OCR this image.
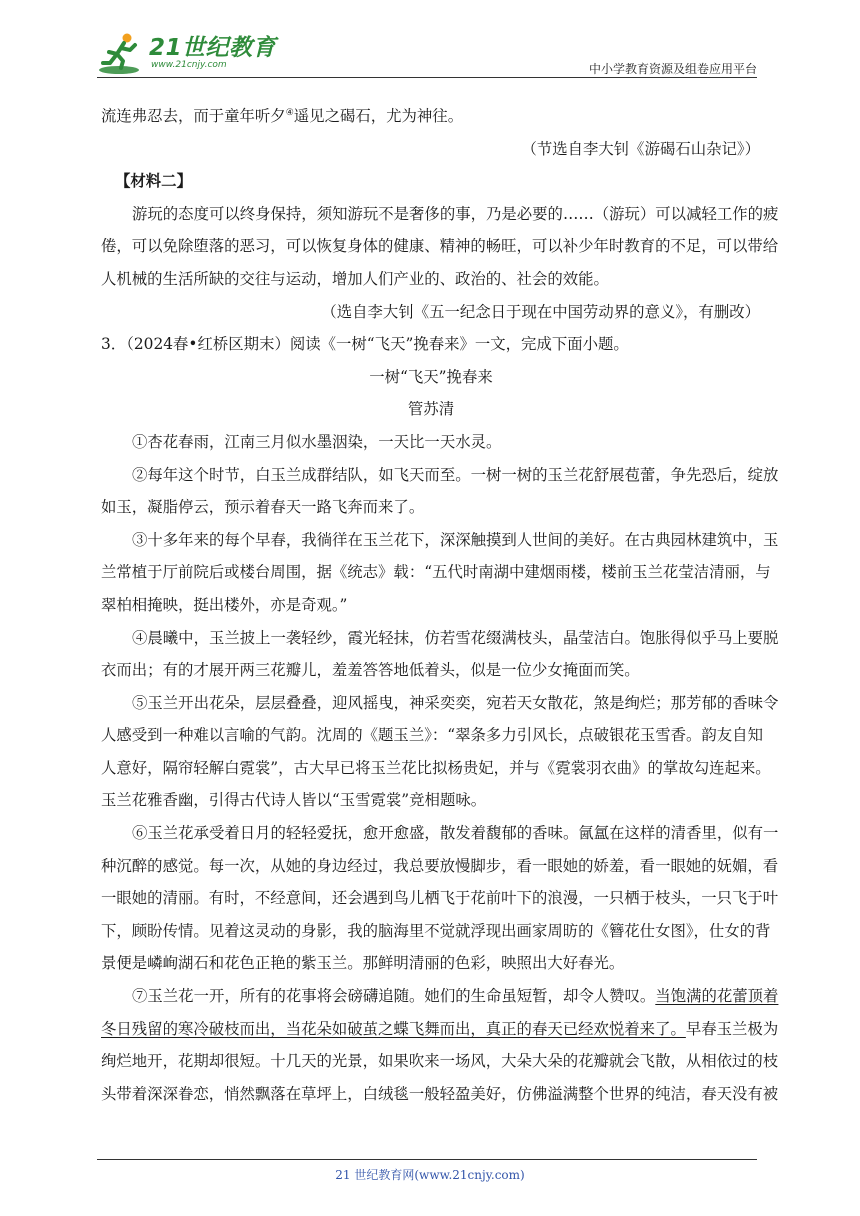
21世纪教育
www.21cnjy.com	中小学教育资源及组卷应用平台
流连弗忍去，而于童年听夕④遥见之碣石，尤为神往。
（节选自李大钊《游碣石山杂记》）
【材料二】
游玩的态度可以终身保持，须知游玩不是奢侈的事，乃是必要的……（游玩）可以减轻工作的疲
倦，可以免除堕落的恶习，可以恢复身体的健康、精神的畅旺，可以补少年时教育的不足，可以带给
人机械的生活所缺的交往与运动，增加人们产业的、政治的、社会的效能。
（选自李大钊《五一纪念日于现在中国劳动界的意义》，有删改）
3．（2024春•红桥区期末）阅读《一树“飞天”挽春来》一文，完成下面小题。
一树“飞天”挽春来
管苏清
①杏花春雨，江南三月似水墨洇染，一天比一天水灵。
②每年这个时节，白玉兰成群结队，如飞天而至。一树一树的玉兰花舒展苞蕾，争先恐后，绽放
如玉，凝脂停云，预示着春天一路飞奔而来了。
③十多年来的每个早春，我徜徉在玉兰花下，深深触摸到人世间的美好。在古典园林建筑中，玉
兰常植于厅前院后或楼台周围，据《统志》载：“五代时南湖中建烟雨楼，楼前玉兰花莹洁清丽，与
翠柏相掩映，挺出楼外，亦是奇观。”
④晨曦中，玉兰披上一袭轻纱，霞光轻抹，仿若雪花缀满枝头，晶莹洁白。饱胀得似乎马上要脱
衣而出；有的才展开两三花瓣儿，羞羞答答地低着头，似是一位少女掩面而笑。
⑤玉兰开出花朵，层层叠叠，迎风摇曳，神采奕奕，宛若天女散花，煞是绚烂；那芳郁的香味令
人感受到一种难以言喻的气韵。沈周的《题玉兰》：“翠条多力引风长，点破银花玉雪香。韵友自知
人意好，隔帘轻解白霓裳”，古大早已将玉兰花比拟杨贵妃，并与《霓裳羽衣曲》的掌故勾连起来。
玉兰花雅香幽，引得古代诗人皆以“玉雪霓裳”竞相题咏。
⑥玉兰花承受着日月的轻轻爱抚，愈开愈盛，散发着馥郁的香味。氤氲在这样的清香里，似有一
种沉醉的感觉。每一次，从她的身边经过，我总要放慢脚步，看一眼她的娇羞，看一眼她的妩媚，看
一眼她的清丽。有时，不经意间，还会遇到鸟儿栖飞于花前叶下的浪漫，一只栖于枝头，一只飞于叶
下，顾盼传情。见着这灵动的身影，我的脑海里不觉就浮现出画家周昉的《簪花仕女图》，仕女的背
景便是嶙峋湖石和花色正艳的紫玉兰。那鲜明清丽的色彩，映照出大好春光。
⑦玉兰花一开，所有的花事将会磅礴追随。她们的生命虽短暂，却令人赞叹。当饱满的花蕾顶着
冬日残留的寒冷破枝而出，当花朵如破茧之蝶飞舞而出，真正的春天已经欢悦着来了。早春玉兰极为
绚烂地开，花期却很短。十几天的光景，如果吹来一场风，大朵大朵的花瓣就会飞散，从相依过的枝
头带着深深眷恋，悄然飘落在草坪上，白绒毯一般轻盈美好，仿佛溢满整个世界的纯洁，春天没有被
21 世纪教育网(www.21cnjy.com)
